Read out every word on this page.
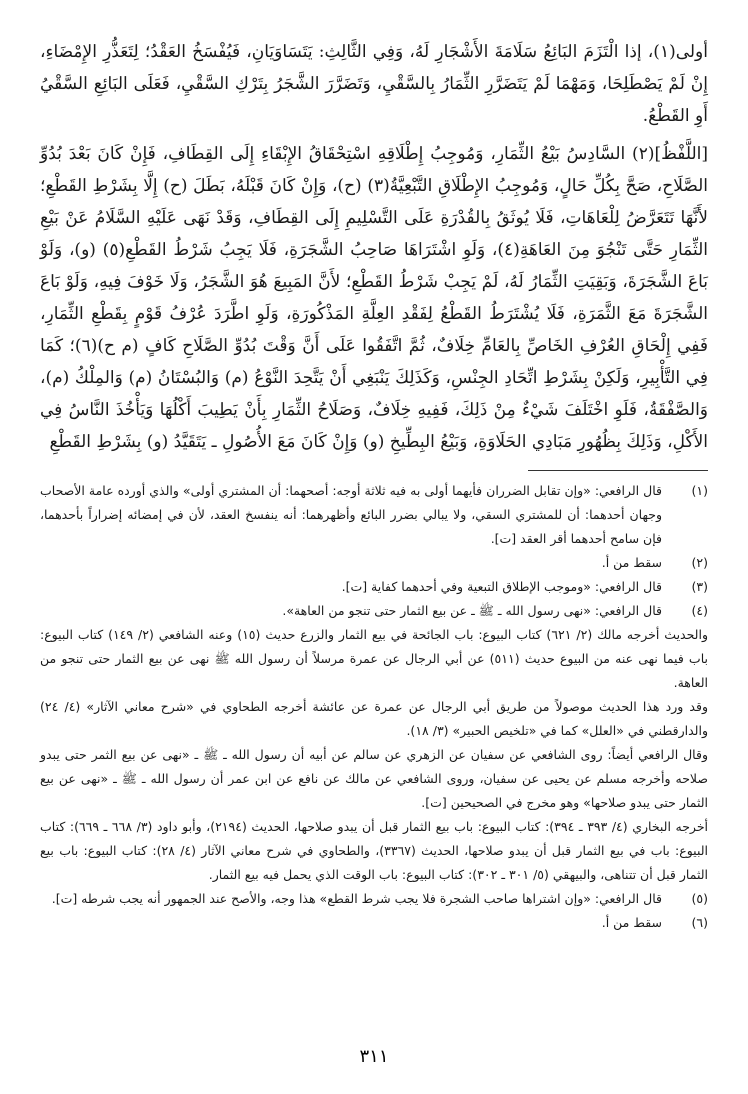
أولى(١)، إذا الْتَزَمَ البَائِعُ سَلَامَةَ الأَشْجَارِ لَهُ، وَفِي الثَّالِثِ: يَتَسَاوَيَانِ، فَيُفْسَخُ العَقْدُ؛ لِتَعَذُّرِ الإِمْضَاءِ، إِنْ لَمْ يَصْطَلِحَا، وَمَهْمَا لَمْ يَتَضَرَّرِ الثِّمَارُ بِالسَّقْيِ، وَتَضَرَّرَ الشَّجَرُ بِتَرْكِ السَّقْيِ، فَعَلَى البَائِعِ السَّقْيُ أَوِ القَطْعُ.

[اللَّفْظُ](٢) السَّادِسُ بَيْعُ الثِّمَارِ، وَمُوجِبُ إِطْلَاقِهِ اسْتِحْقَاقُ الإِبْقَاءِ إِلَى القِطَافِ، فَإِنْ كَانَ بَعْدَ بُدُوِّ الصَّلَاحِ، صَحَّ بِكُلِّ حَالٍ، وَمُوجِبُ الإِطْلَاقِ التَّبْعِيَّةُ(٣) (ح)، وَإِنْ كَانَ قَبْلَهُ، بَطَلَ (ح) إِلَّا بِشَرْطِ القَطْعِ؛ لأَنَّهَا تَتَعَرَّضُ لِلْعَاهَاتِ، فَلَا يُوثَقُ بِالقُدْرَةِ عَلَى التَّسْلِيمِ إِلَى القِطَافِ، وَقَدْ نَهَى عَلَيْهِ السَّلَامُ عَنْ بَيْعِ الثِّمَارِ حَتَّى تَنْجُوَ مِنَ العَاهَةِ(٤)، وَلَوِ اشْتَرَاهَا صَاحِبُ الشَّجَرَةِ، فَلَا يَجِبُ شَرْطُ القَطْعِ(٥) (و)، وَلَوْ بَاعَ الشَّجَرَةَ، وَبَقِيَتِ الثِّمَارُ لَهُ، لَمْ يَجِبْ شَرْطُ القَطْعِ؛ لأَنَّ المَبِيعَ هُوَ الشَّجَرُ، وَلَا خَوْفَ فِيهِ، وَلَوْ بَاعَ الشَّجَرَةَ مَعَ الثَّمَرَةِ، فَلَا يُشْتَرَطُ القَطْعُ لِفَقْدِ العِلَّةِ المَذْكُورَةِ، وَلَوِ اطَّرَدَ عُرْفُ قَوْمٍ بِقَطْعِ الثِّمَارِ، فَفِي إِلْحَاقِ العُرْفِ الخَاصِّ بِالعَامِّ خِلَافٌ، ثُمَّ اتَّفَقُوا عَلَى أَنَّ وَقْتَ بُدُوِّ الصَّلَاحِ كَافٍ (م ح)(٦)؛ كَمَا فِي التَّأْبِيرِ، وَلَكِنْ بِشَرْطِ اتِّحَادِ الجِنْسِ، وَكَذَلِكَ يَنْبَغِي أَنْ يَتَّحِدَ النَّوْعُ (م) وَالبُسْتَانُ (م) وَالمِلْكُ (م)، وَالصَّفْقَةُ، فَلَوِ اخْتَلَفَ شَيْءٌ مِنْ ذَلِكَ، فَفِيهِ خِلَافٌ، وَصَلَاحُ الثِّمَارِ بِأَنْ يَطِيبَ أَكْلُهَا وَيَأْخُذَ النَّاسُ فِي الأَكْلِ، وَذَلِكَ بِظُهُورِ مَبَادِي الحَلَاوَةِ، وَبَيْعُ البِطِّيخِ (و) وَإِنْ كَانَ مَعَ الأُصُولِ ـ يَتَقَيَّدُ (و) بِشَرْطِ القَطْعِ

(١)

قال الرافعي: «وإن تقابل الضرران فأيهما أولى به فيه ثلاثة أوجه: أصحهما: أن المشتري أولى» والذي أورده عامة الأصحاب وجهان أحدهما: أن للمشتري السقي، ولا يبالي بضرر البائع وأظهرهما: أنه ينفسخ العقد، لأن في إمضائه إضراراً بأحدهما، فإن سامح أحدهما أقر العقد [ت].

(٢)

سقط من أ.

(٣)

قال الرافعي: «وموجب الإطلاق التبعية وفي أحدهما كفاية [ت].

(٤)

قال الرافعي: «نهى رسول الله ـ ﷺ ـ عن بيع الثمار حتى تنجو من العاهة».

والحديث أخرجه مالك (٢/ ٦٢١) كتاب البيوع: باب الجائحة في بيع الثمار والزرع حديث (١٥) وعنه الشافعي (٢/ ١٤٩) كتاب البيوع: باب فيما نهى عنه من البيوع حديث (٥١١) عن أبي الرجال عن عمرة مرسلاً أن رسول الله ﷺ نهى عن بيع الثمار حتى تنجو من العاهة.

وقد ورد هذا الحديث موصولاً من طريق أبي الرجال عن عمرة عن عائشة أخرجه الطحاوي في «شرح معاني الآثار» (٤/ ٢٤) والدارقطني في «العلل» كما في «تلخيص الحبير» (٣/ ١٨).

وقال الرافعي أيضاً: روى الشافعي عن سفيان عن الزهري عن سالم عن أبيه أن رسول الله ـ ﷺ ـ «نهى عن بيع الثمر حتى يبدو صلاحه وأخرجه مسلم عن يحيى عن سفيان، وروى الشافعي عن مالك عن نافع عن ابن عمر أن رسول الله ـ ﷺ ـ «نهى عن بيع الثمار حتى يبدو صلاحها» وهو مخرج في الصحيحين [ت].

أخرجه البخاري (٤/ ٣٩٣ ـ ٣٩٤): كتاب البيوع: باب بيع الثمار قبل أن يبدو صلاحها، الحديث (٢١٩٤)، وأبو داود (٣/ ٦٦٨ ـ ٦٦٩): كتاب البيوع: باب في بيع الثمار قبل أن يبدو صلاحها، الحديث (٣٣٦٧)، والطحاوي في شرح معاني الآثار (٤/ ٢٨): كتاب البيوع: باب بيع الثمار قبل أن تتناهى، والبيهقي (٥/ ٣٠١ ـ ٣٠٢): كتاب البيوع: باب الوقت الذي يحمل فيه بيع الثمار.

(٥)

قال الرافعي: «وإن اشتراها صاحب الشجرة فلا يجب شرط القطع» هذا وجه، والأصح عند الجمهور أنه يجب شرطه [ت].

(٦)

سقط من أ.

٣١١
